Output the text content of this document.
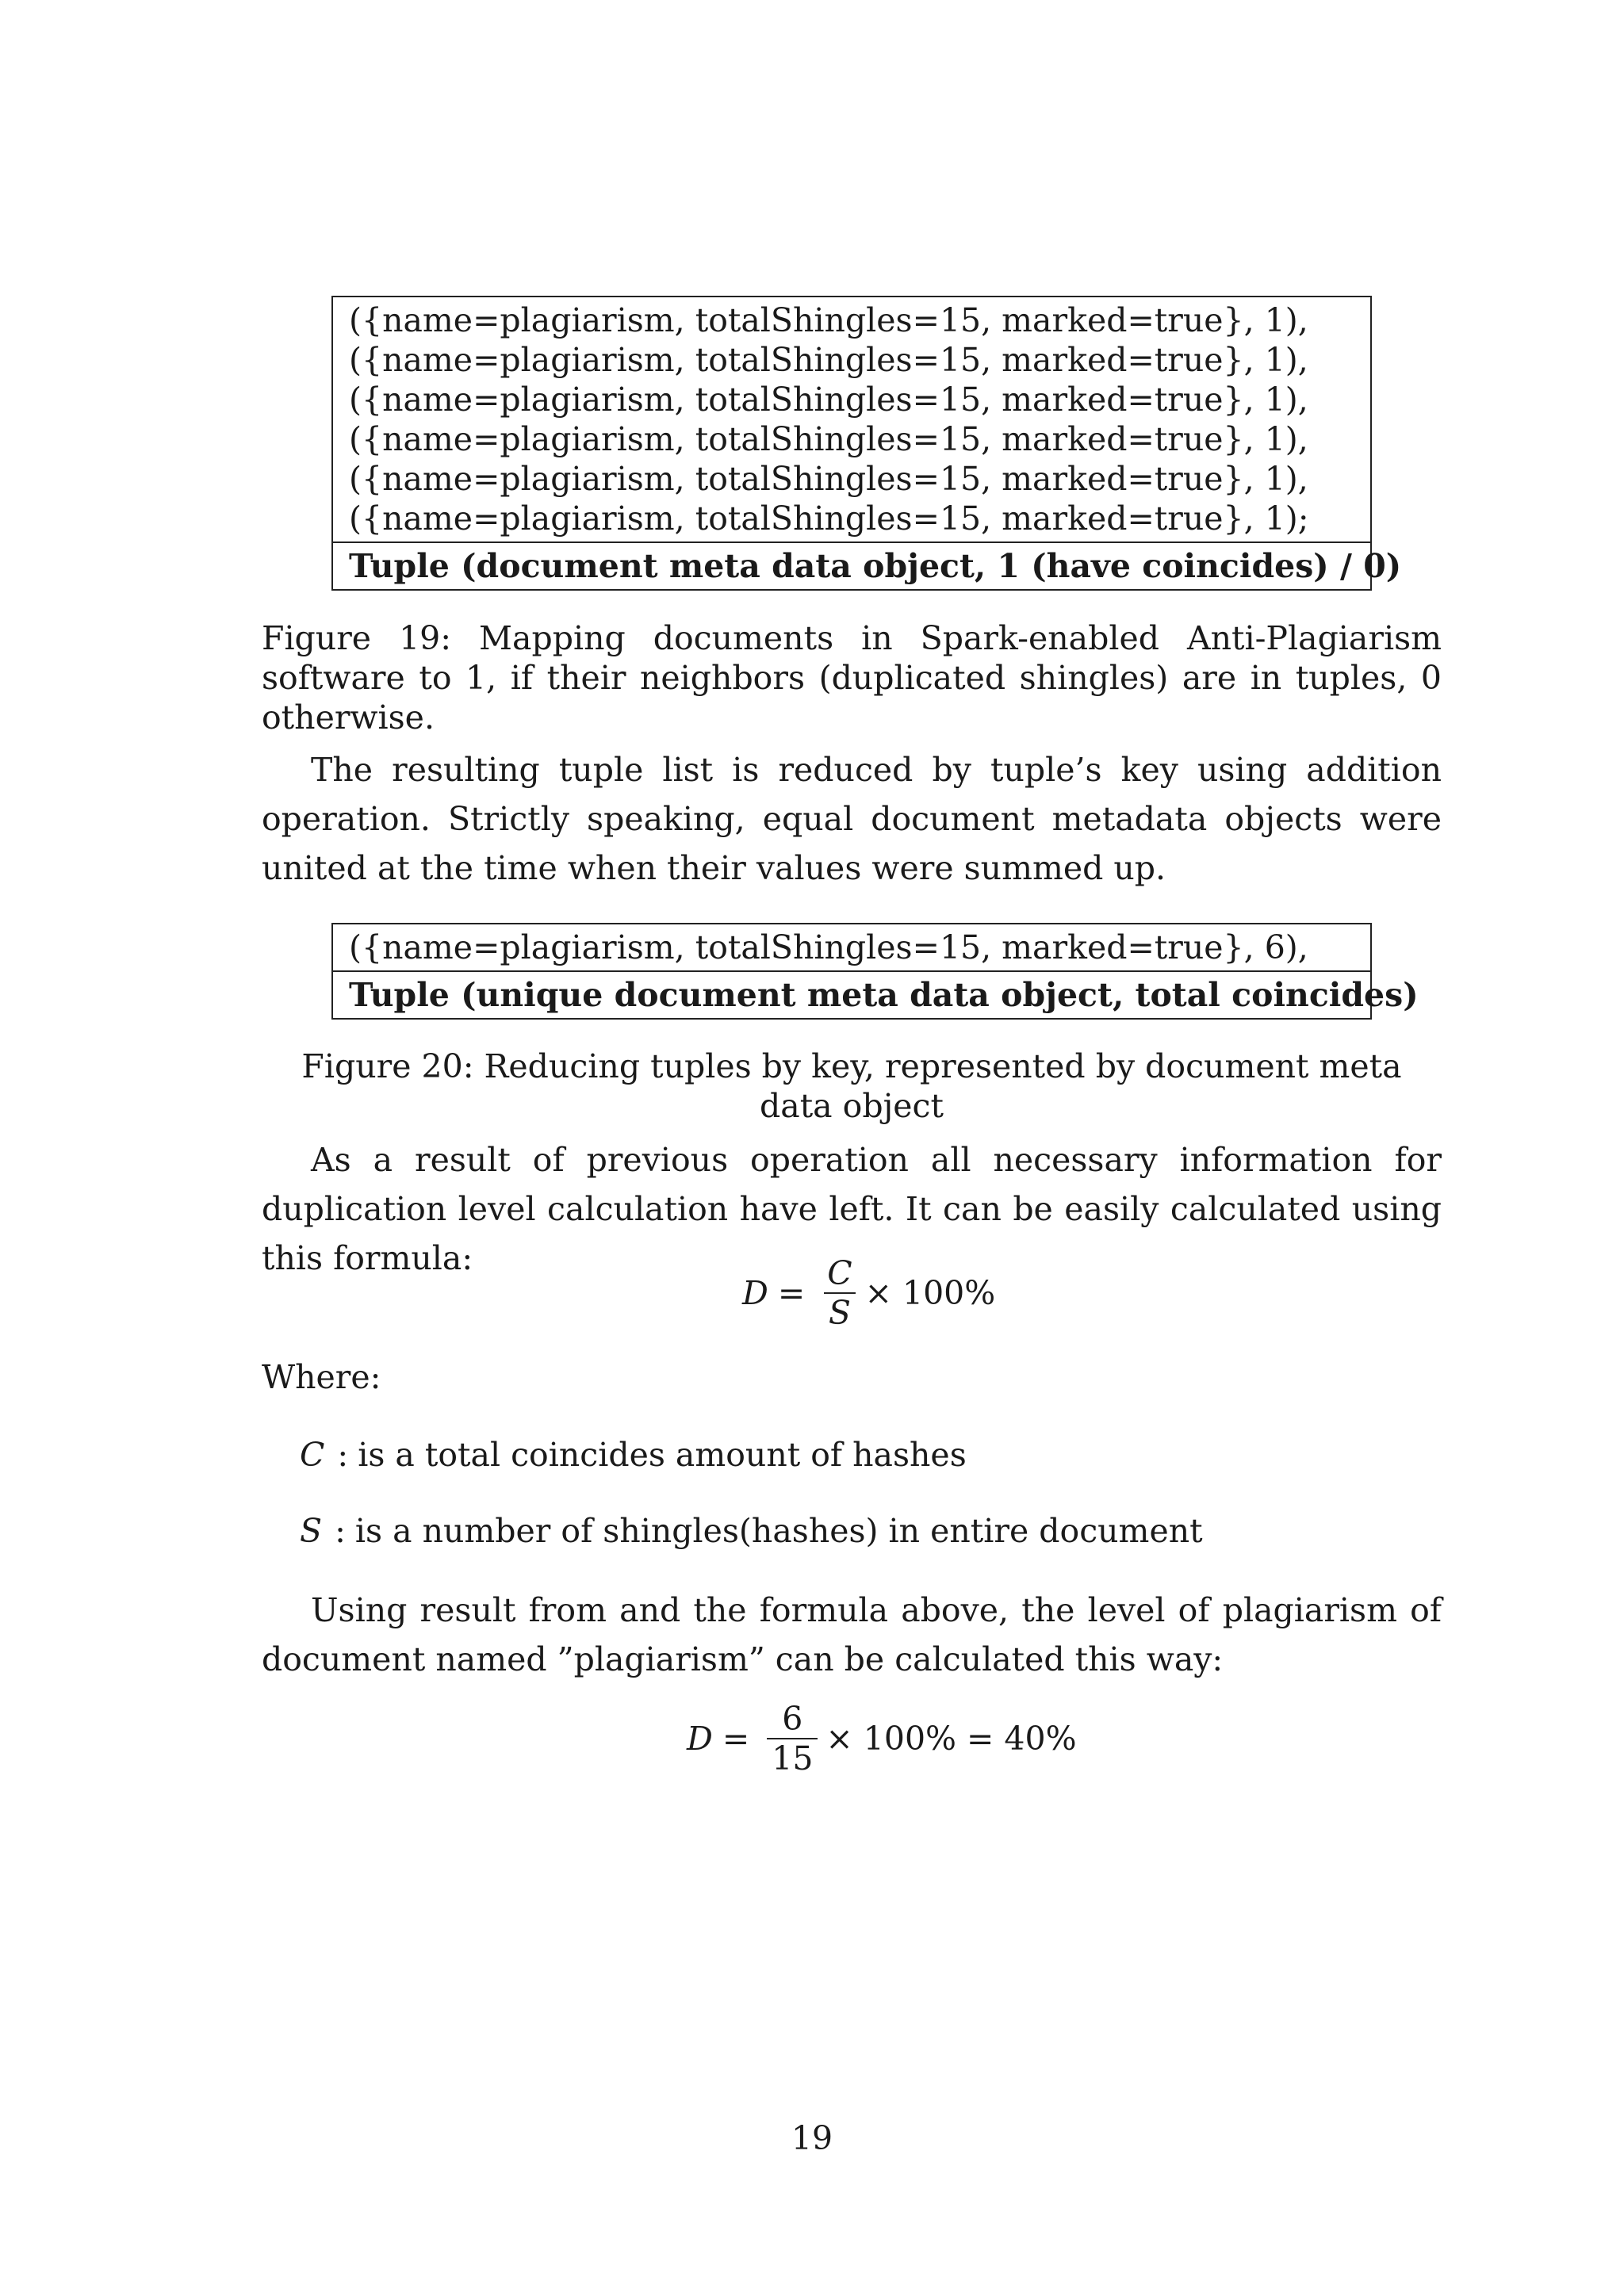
({name=plagiarism, totalShingles=15, marked=true}, 1),
({name=plagiarism, totalShingles=15, marked=true}, 1),
({name=plagiarism, totalShingles=15, marked=true}, 1),
({name=plagiarism, totalShingles=15, marked=true}, 1),
({name=plagiarism, totalShingles=15, marked=true}, 1),
({name=plagiarism, totalShingles=15, marked=true}, 1);
Tuple (document meta data object, 1 (have coincides) / 0)
Figure 19: Mapping documents in Spark-enabled Anti-Plagiarism software to 1, if their neighbors (duplicated shingles) are in tuples, 0 otherwise.
The resulting tuple list is reduced by tuple’s key using addition operation. Strictly speaking, equal document metadata objects were united at the time when their values were summed up.
({name=plagiarism, totalShingles=15, marked=true}, 6),
Tuple (unique document meta data object, total coincides)
Figure 20: Reducing tuples by key, represented by document meta data object
As a result of previous operation all necessary information for duplication level calculation have left. It can be easily calculated using this formula:
$D = \frac{C}{S} \times 100\%$
Where:
C : is a total coincides amount of hashes
S : is a number of shingles(hashes) in entire document
Using result from and the formula above, the level of plagiarism of document named ”plagiarism” can be calculated this way:
$D = \frac{6}{15} \times 100\% = 40\%$
19
